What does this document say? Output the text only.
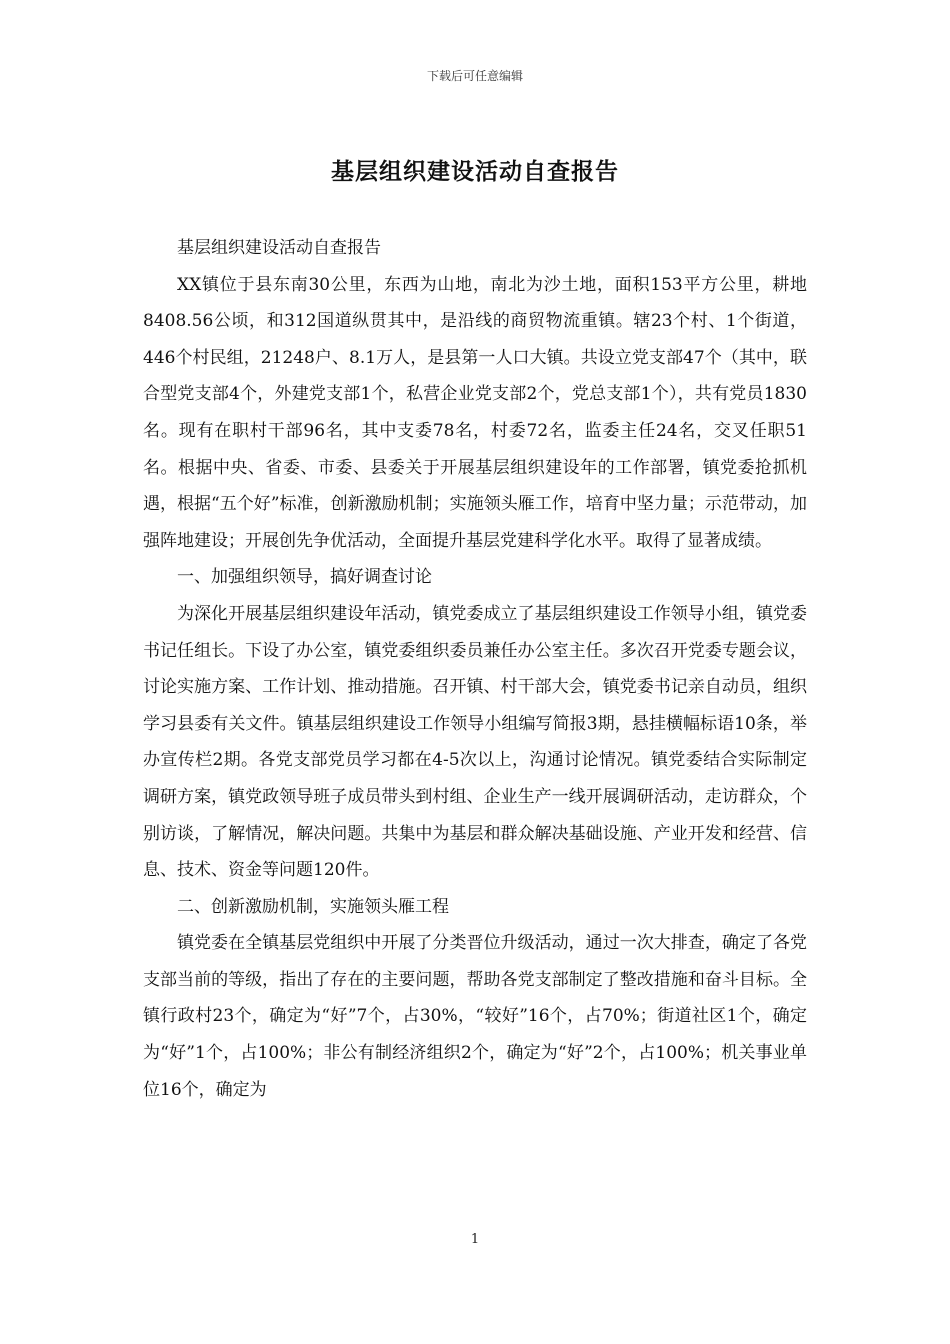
下载后可任意编辑
基层组织建设活动自查报告

基层组织建设活动自查报告

XX镇位于县东南30公里，东西为山地，南北为沙土地，面积153平方公里，耕地8408.56公顷，和312国道纵贯其中，是沿线的商贸物流重镇。辖23个村、1个街道，446个村民组，21248户、8.1万人，是县第一人口大镇。共设立党支部47个（其中，联合型党支部4个，外建党支部1个，私营企业党支部2个，党总支部1个），共有党员1830名。现有在职村干部96名，其中支委78名，村委72名，监委主任24名，交叉任职51名。根据中央、省委、市委、县委关于开展基层组织建设年的工作部署，镇党委抢抓机遇，根据“五个好”标准，创新激励机制；实施领头雁工作，培育中坚力量；示范带动，加强阵地建设；开展创先争优活动，全面提升基层党建科学化水平。取得了显著成绩。

一、加强组织领导，搞好调查讨论

为深化开展基层组织建设年活动，镇党委成立了基层组织建设工作领导小组，镇党委书记任组长。下设了办公室，镇党委组织委员兼任办公室主任。多次召开党委专题会议，讨论实施方案、工作计划、推动措施。召开镇、村干部大会，镇党委书记亲自动员，组织学习县委有关文件。镇基层组织建设工作领导小组编写简报3期，悬挂横幅标语10条，举办宣传栏2期。各党支部党员学习都在4-5次以上，沟通讨论情况。镇党委结合实际制定调研方案，镇党政领导班子成员带头到村组、企业生产一线开展调研活动，走访群众，个别访谈，了解情况，解决问题。共集中为基层和群众解决基础设施、产业开发和经营、信息、技术、资金等问题120件。

二、创新激励机制，实施领头雁工程

镇党委在全镇基层党组织中开展了分类晋位升级活动，通过一次大排查，确定了各党支部当前的等级，指出了存在的主要问题，帮助各党支部制定了整改措施和奋斗目标。全镇行政村23个，确定为“好”7个，占30%，“较好”16个，占70%；街道社区1个，确定为“好”1个，占100%；非公有制经济组织2个，确定为“好”2个，占100%；机关事业单位16个，确定为

1
